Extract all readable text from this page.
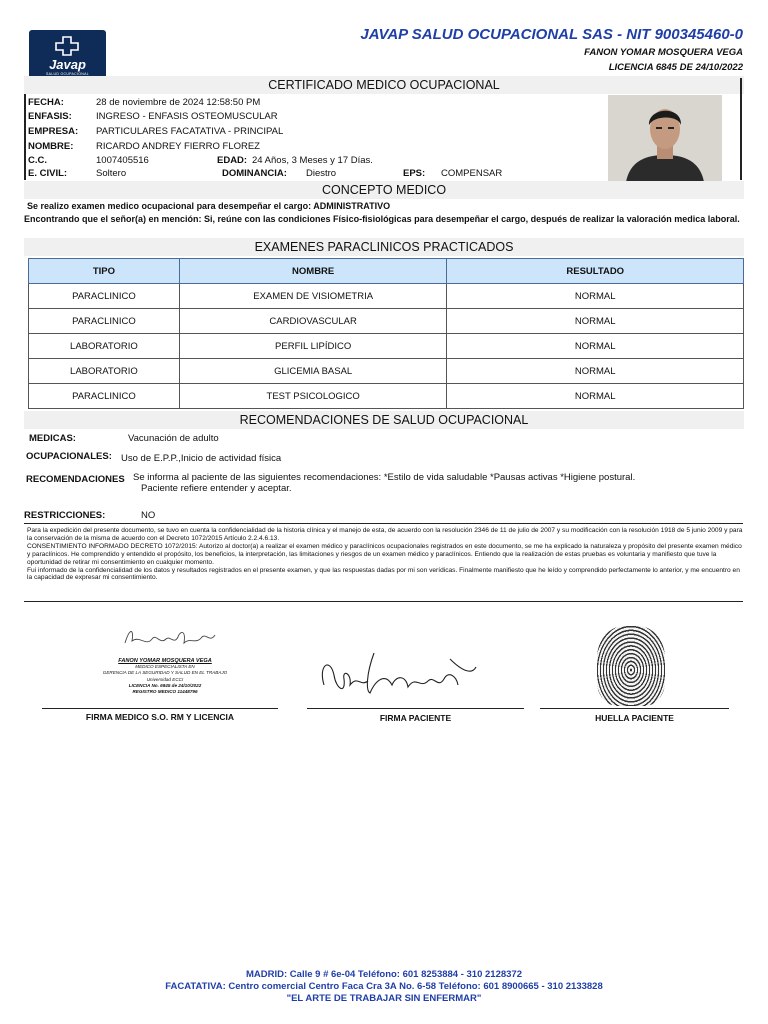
Javap
SALUD OCUPACIONAL
JAVAP SALUD OCUPACIONAL SAS - NIT 900345460-0
FANON YOMAR MOSQUERA VEGA
LICENCIA 6845 DE 24/10/2022
CERTIFICADO MEDICO OCUPACIONAL
FECHA:	28 de noviembre de 2024 12:58:50 PM
ENFASIS:	INGRESO - ENFASIS OSTEOMUSCULAR
EMPRESA: PARTICULARES FACATATIVA - PRINCIPAL
NOMBRE: RICARDO ANDREY FIERRO FLOREZ
C.C.	1007405516	EDAD: 24 Años, 3 Meses y 17 Días.
E. CIVIL:	Soltero	DOMINANCIA: Diestro	EPS: COMPENSAR
CONCEPTO MEDICO
Se realizo examen medico ocupacional para desempeñar el cargo: ADMINISTRATIVO
Encontrando que el señor(a) en mención: Si, reúne con las condiciones Físico-fisiológicas para desempeñar el cargo, después de realizar la valoración medica laboral.
EXAMENES PARACLINICOS PRACTICADOS
TIPO	NOMBRE	RESULTADO
PARACLINICO	EXAMEN DE VISIOMETRIA	NORMAL
PARACLINICO	CARDIOVASCULAR	NORMAL
LABORATORIO	PERFIL LIPÍDICO	NORMAL
LABORATORIO	GLICEMIA BASAL	NORMAL
PARACLINICO	TEST PSICOLOGICO	NORMAL
RECOMENDACIONES DE SALUD OCUPACIONAL
MEDICAS:	Vacunación de adulto
OCUPACIONALES: Uso de E.P.P.,Inicio de actividad física
RECOMENDACIONES Se informa al paciente de las siguientes recomendaciones: *Estilo de vida saludable *Pausas activas *Higiene postural.
Paciente refiere entender y aceptar.
RESTRICCIONES:	NO
Para la expedición del presente documento, se tuvo en cuenta la confidencialidad de la historia clínica y el manejo de esta, de acuerdo con la resolución 2346 de 11 de julio de 2007 y su modificación con la resolución 1918 de 5 junio 2009 y para la conservación de la misma de acuerdo con el Decreto 1072/2015 Artículo 2.2.4.6.13.
CONSENTIMIENTO INFORMADO DECRETO 1072/2015: Autorizo al doctor(a) a realizar el examen médico y paraclínicos ocupacionales registrados en este documento, se me ha explicado la naturaleza y propósito del presente examen médico y paraclínicos. He comprendido y entendido el propósito, los beneficios, la interpretación, las limitaciones y riesgos de un examen médico y paraclínicos. Entiendo que la realización de estas pruebas es voluntaria y manifiesto que tuve la oportunidad de retirar mi consentimiento en cualquier momento.
Fui informado de la confidencialidad de los datos y resultados registrados en el presente examen, y que las respuestas dadas por mi son verídicas. Finalmente manifiesto que he leído y comprendido perfectamente lo anterior, y me encuentro en la capacidad de expresar mi consentimiento.
FANON YOMAR MOSQUERA VEGA
MEDICO ESPECIALISTA EN
GERENCIA DE LA SEGURIDAD Y SALUD EN EL TRABAJO
Universidad ECCI
LICENCIA No. 6845 de 24/10/2022
REGISTRO MEDICO 11448796
FIRMA MEDICO S.O. RM Y LICENCIA	FIRMA PACIENTE	HUELLA PACIENTE
MADRID: Calle 9 # 6e-04 Teléfono: 601 8253884 - 310 2128372
FACATATIVA: Centro comercial Centro Faca Cra 3A No. 6-58 Teléfono: 601 8900665 - 310 2133828
"EL ARTE DE TRABAJAR SIN ENFERMAR"
